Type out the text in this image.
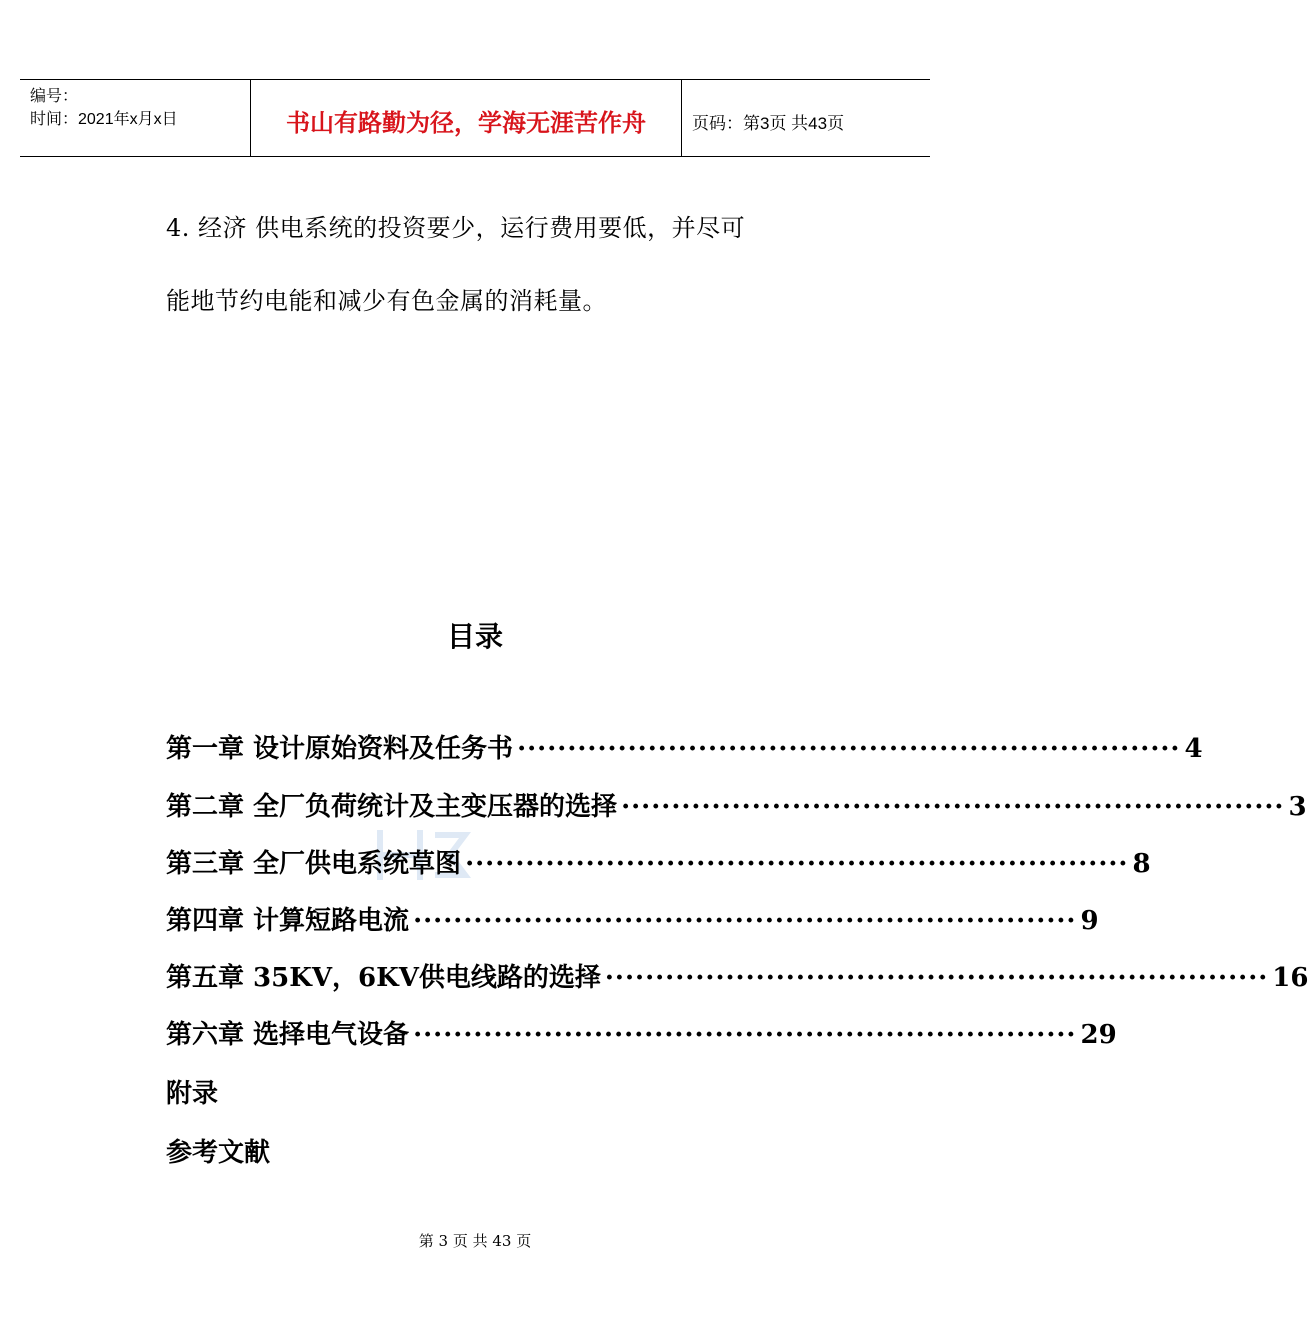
编号：
时间：2021年x月x日	书山有路勤为径，学海无涯苦作舟	页码：第3页 共43页
4. 经济 供电系统的投资要少，运行费用要低，并尽可
能地节约电能和减少有色金属的消耗量。
目录
第一章 设计原始资料及任务书 ·································································· 4
第二章 全厂负荷统计及主变压器的选择 ·································································· 3
第三章 全厂供电系统草图 ·································································· 8
第四章 计算短路电流 ·································································· 9
第五章 35KV，6KV供电线路的选择 ·································································· 16
第六章 选择电气设备 ·································································· 29
附录
参考文献
第 3 页 共 43 页
